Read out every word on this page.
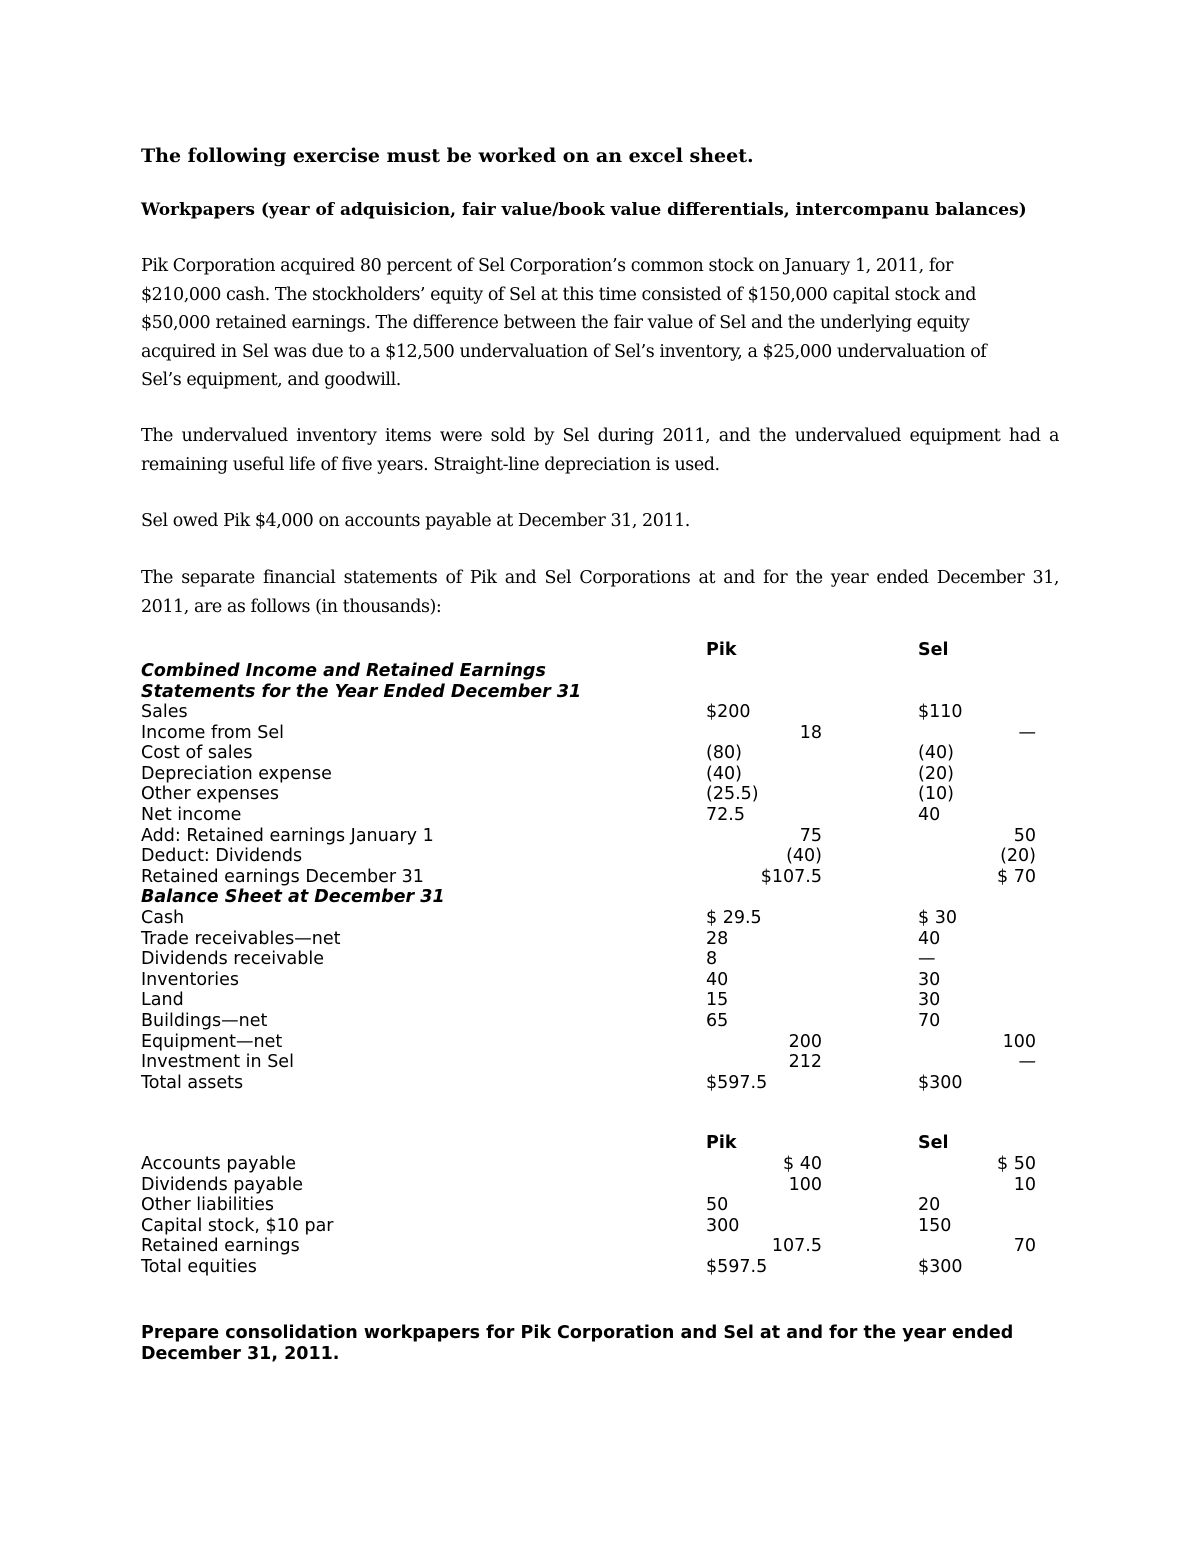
The following exercise must be worked on an excel sheet.
Workpapers (year of adquisicion, fair value/book value differentials, intercompanu balances)
Pik Corporation acquired 80 percent of Sel Corporation’s common stock on January 1, 2011, for
$210,000 cash. The stockholders’ equity of Sel at this time consisted of $150,000 capital stock and
$50,000 retained earnings. The difference between the fair value of Sel and the underlying equity
acquired in Sel was due to a $12,500 undervaluation of Sel’s inventory, a $25,000 undervaluation of
Sel’s equipment, and goodwill.
The undervalued inventory items were sold by Sel during 2011, and the undervalued equipment had a remaining useful life of five years. Straight-line depreciation is used.
Sel owed Pik $4,000 on accounts payable at December 31, 2011.
The separate financial statements of Pik and Sel Corporations at and for the year ended December 31, 2011, are as follows (in thousands):
Pik	Sel
Combined Income and Retained Earnings
Statements for the Year Ended December 31
Sales	$200	$110
Income from Sel	18	—
Cost of sales	(80)	(40)
Depreciation expense	(40)	(20)
Other expenses	(25.5)	(10)
Net income	72.5	40
Add: Retained earnings January 1	75	50
Deduct: Dividends	(40)	(20)
Retained earnings December 31	$107.5	$ 70
Balance Sheet at December 31
Cash	$ 29.5	$ 30
Trade receivables—net	28	40
Dividends receivable	8	—
Inventories	40	30
Land	15	30
Buildings—net	65	70
Equipment—net	200	100
Investment in Sel	212	—
Total assets	$597.5	$300
Pik	Sel
Accounts payable	$ 40	$ 50
Dividends payable	100	10
Other liabilities	50	20
Capital stock, $10 par	300	150
Retained earnings	107.5	70
Total equities	$597.5	$300
Prepare consolidation workpapers for Pik Corporation and Sel at and for the year ended December 31, 2011.
